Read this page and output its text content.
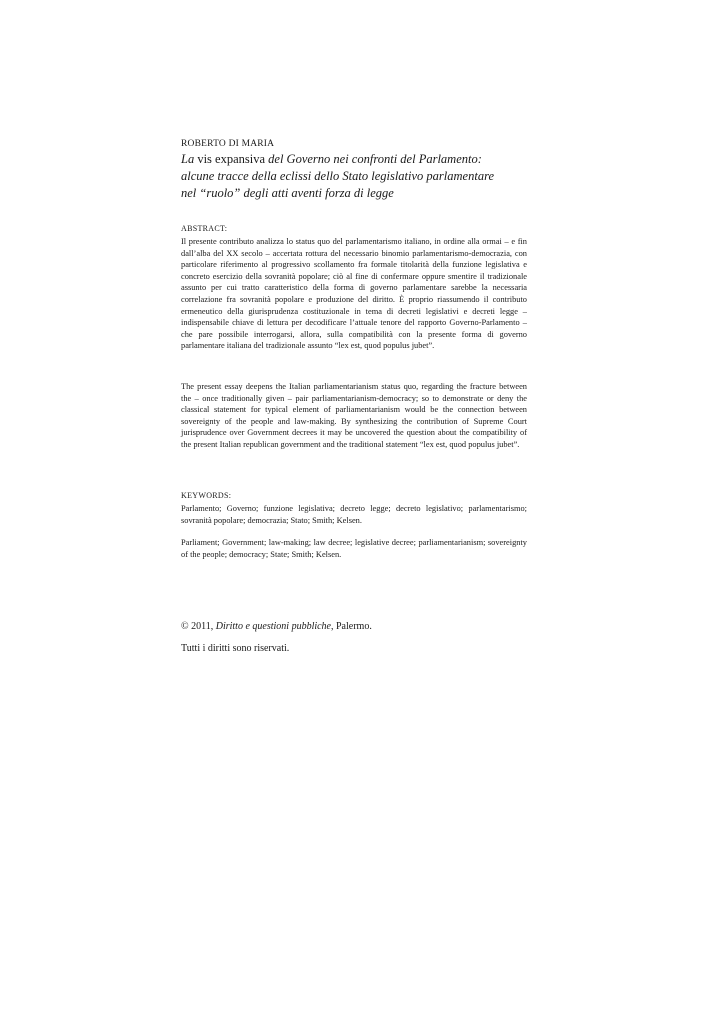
ROBERTO DI MARIA
La vis expansiva del Governo nei confronti del Parlamento:
alcune tracce della eclissi dello Stato legislativo parlamentare
nel “ruolo” degli atti aventi forza di legge
ABSTRACT:
Il presente contributo analizza lo status quo del parlamentarismo italiano, in ordine alla ormai – e fin dall’alba del XX secolo – accertata rottura del necessario binomio parlamentarismo-democrazia, con particolare riferimento al progressivo scollamento fra formale titolarità della funzione legislativa e concreto esercizio della sovranità popolare; ciò al fine di confermare oppure smentire il tradizionale assunto per cui tratto caratteristico della forma di governo parlamentare sarebbe la necessaria correlazione fra sovranità popolare e produzione del diritto. È proprio riassumendo il contributo ermeneutico della giurisprudenza costituzionale in tema di decreti legislativi e decreti legge – indispensabile chiave di lettura per decodificare l’attuale tenore del rapporto Governo-Parlamento – che pare possibile interrogarsi, allora, sulla compatibilità con la presente forma di governo parlamentare italiana del tradizionale assunto “lex est, quod populus jubet”.
The present essay deepens the Italian parliamentarianism status quo, regarding the fracture between the – once traditionally given – pair parliamentarianism-democracy; so to demonstrate or deny the classical statement for typical element of parliamentarianism would be the connection between sovereignty of the people and law-making. By synthesizing the contribution of Supreme Court jurisprudence over Government decrees it may be uncovered the question about the compatibility of the present Italian republican government and the traditional statement “lex est, quod populus jubet”.
KEYWORDS:
Parlamento; Governo; funzione legislativa; decreto legge; decreto legislativo; parlamentarismo; sovranità popolare; democrazia; Stato; Smith; Kelsen.
Parliament; Government; law-making; law decree; legislative decree; parliamentarianism; sovereignty of the people; democracy; State; Smith; Kelsen.
© 2011, Diritto e questioni pubbliche, Palermo.
Tutti i diritti sono riservati.
